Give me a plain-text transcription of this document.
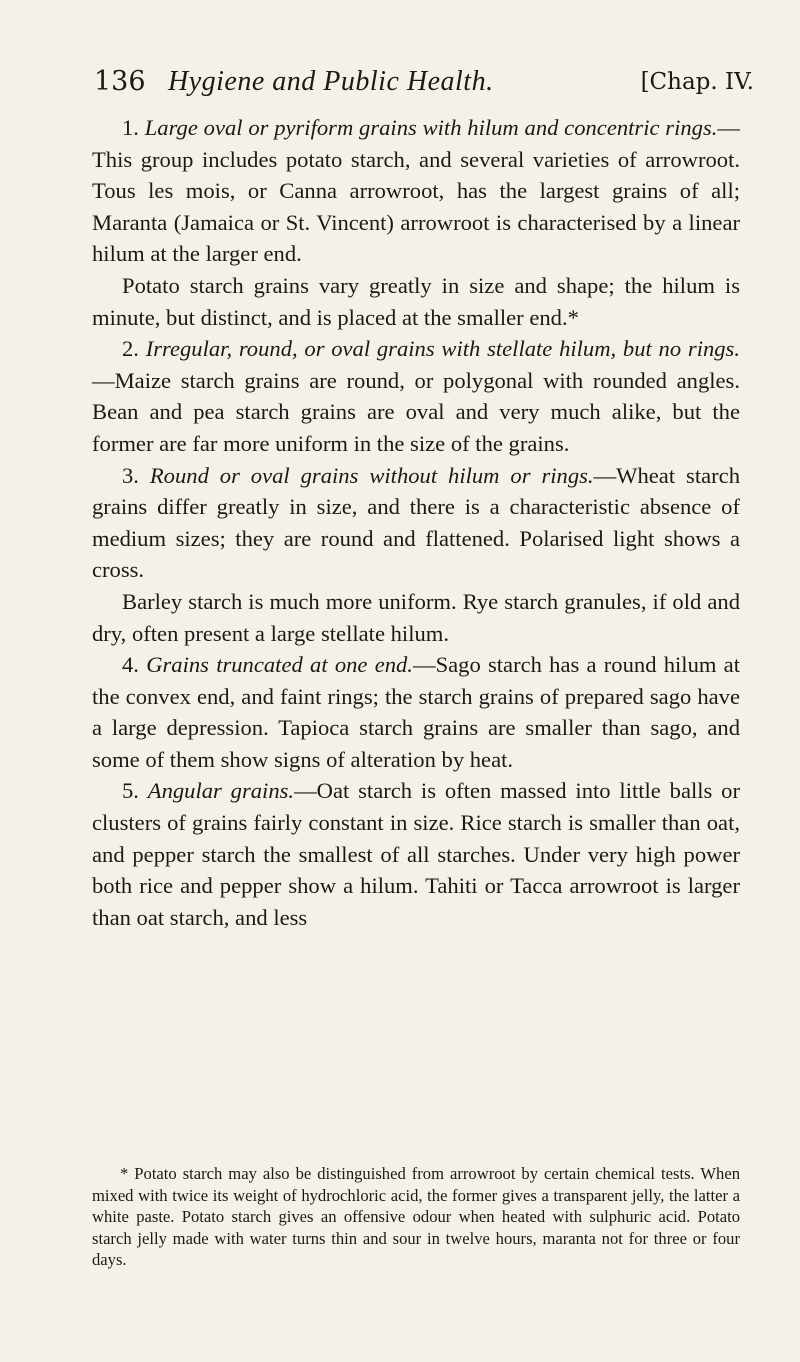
136 Hygiene and Public Health.	[Chap. IV.

1. Large oval or pyriform grains with hilum and concentric rings.—This group includes potato starch, and several varieties of arrowroot. Tous les mois, or Canna arrowroot, has the largest grains of all; Maranta (Jamaica or St. Vincent) arrowroot is characterised by a linear hilum at the larger end.

Potato starch grains vary greatly in size and shape; the hilum is minute, but distinct, and is placed at the smaller end.*

2. Irregular, round, or oval grains with stellate hilum, but no rings.—Maize starch grains are round, or polygonal with rounded angles. Bean and pea starch grains are oval and very much alike, but the former are far more uniform in the size of the grains.

3. Round or oval grains without hilum or rings.—Wheat starch grains differ greatly in size, and there is a characteristic absence of medium sizes; they are round and flattened. Polarised light shows a cross.

Barley starch is much more uniform. Rye starch granules, if old and dry, often present a large stellate hilum.

4. Grains truncated at one end.—Sago starch has a round hilum at the convex end, and faint rings; the starch grains of prepared sago have a large depression. Tapioca starch grains are smaller than sago, and some of them show signs of alteration by heat.

5. Angular grains.—Oat starch is often massed into little balls or clusters of grains fairly constant in size. Rice starch is smaller than oat, and pepper starch the smallest of all starches. Under very high power both rice and pepper show a hilum. Tahiti or Tacca arrowroot is larger than oat starch, and less

* Potato starch may also be distinguished from arrowroot by certain chemical tests. When mixed with twice its weight of hydrochloric acid, the former gives a transparent jelly, the latter a white paste. Potato starch gives an offensive odour when heated with sulphuric acid. Potato starch jelly made with water turns thin and sour in twelve hours, maranta not for three or four days.
